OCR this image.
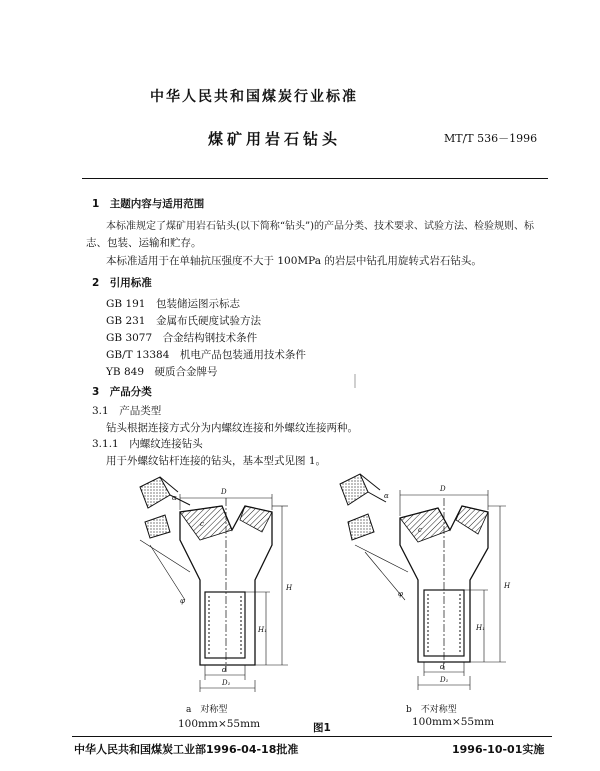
中华人民共和国煤炭行业标准
煤矿用岩石钻头	MT/T 536－1996
1　主题内容与适用范围
本标准规定了煤矿用岩石钻头(以下简称“钻头”)的产品分类、技术要求、试验方法、检验规则、标
志、包装、运输和贮存。
本标准适用于在单轴抗压强度不大于 100MPa 的岩层中钻孔用旋转式岩石钻头。
2　引用标准
GB 191　包装储运图示标志
GB 231　金属布氏硬度试验方法
GB 3077　合金结构钢技术条件
GB/T 13384　机电产品包装通用技术条件
YB 849　硬质合金牌号
3　产品分类
3.1　产品类型
钻头根据连接方式分为内螺纹连接和外螺纹连接两种。
3.1.1　内螺纹连接钻头
用于外螺纹钻杆连接的钻头，基本型式见图 1。
D
H
H₁
d
D₁
c
φ
α
D
H
H₁
d
D₁
c
φ
α
a　对称型
100mm×55mm
b　不对称型
100mm×55mm
图1
中华人民共和国煤炭工业部1996-04-18批准	1996-10-01实施
